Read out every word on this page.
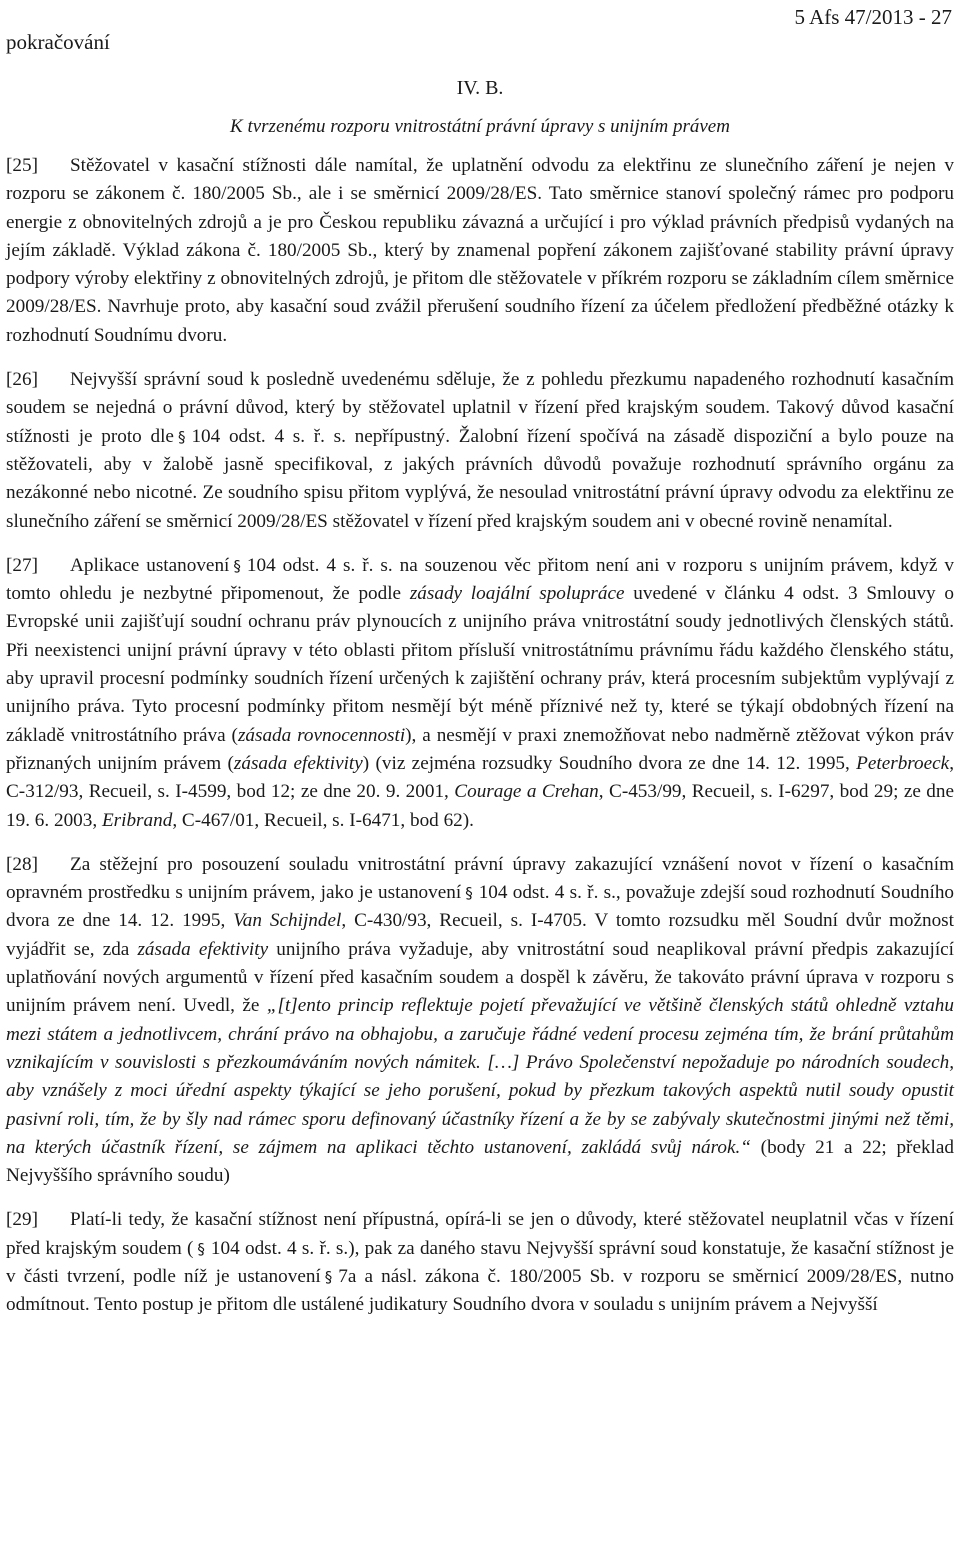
pokračování
5 Afs 47/2013 - 27
IV. B.
K tvrzenému rozporu vnitrostátní právní úpravy s unijním právem

[25] Stěžovatel v kasační stížnosti dále namítal, že uplatnění odvodu za elektřinu ze slunečního záření je nejen v rozporu se zákonem č. 180/2005 Sb., ale i se směrnicí 2009/28/ES. Tato směrnice stanoví společný rámec pro podporu energie z obnovitelných zdrojů a je pro Českou republiku závazná a určující i pro výklad právních předpisů vydaných na jejím základě. Výklad zákona č. 180/2005 Sb., který by znamenal popření zákonem zajišťované stability právní úpravy podpory výroby elektřiny z obnovitelných zdrojů, je přitom dle stěžovatele v příkrém rozporu se základním cílem směrnice 2009/28/ES. Navrhuje proto, aby kasační soud zvážil přerušení soudního řízení za účelem předložení předběžné otázky k rozhodnutí Soudnímu dvoru.

[26] Nejvyšší správní soud k posledně uvedenému sděluje, že z pohledu přezkumu napadeného rozhodnutí kasačním soudem se nejedná o právní důvod, který by stěžovatel uplatnil v řízení před krajským soudem. Takový důvod kasační stížnosti je proto dle § 104 odst. 4 s. ř. s. nepřípustný. Žalobní řízení spočívá na zásadě dispoziční a bylo pouze na stěžovateli, aby v žalobě jasně specifikoval, z jakých právních důvodů považuje rozhodnutí správního orgánu za nezákonné nebo nicotné. Ze soudního spisu přitom vyplývá, že nesoulad vnitrostátní právní úpravy odvodu za elektřinu ze slunečního záření se směrnicí 2009/28/ES stěžovatel v řízení před krajským soudem ani v obecné rovině nenamítal.

[27] Aplikace ustanovení § 104 odst. 4 s. ř. s. na souzenou věc přitom není ani v rozporu s unijním právem, když v tomto ohledu je nezbytné připomenout, že podle zásady loajální spolupráce uvedené v článku 4 odst. 3 Smlouvy o Evropské unii zajišťují soudní ochranu práv plynoucích z unijního práva vnitrostátní soudy jednotlivých členských států. Při neexistenci unijní právní úpravy v této oblasti přitom přísluší vnitrostátnímu právnímu řádu každého členského státu, aby upravil procesní podmínky soudních řízení určených k zajištění ochrany práv, která procesním subjektům vyplývají z unijního práva. Tyto procesní podmínky přitom nesmějí být méně příznivé než ty, které se týkají obdobných řízení na základě vnitrostátního práva (zásada rovnocennosti), a nesmějí v praxi znemožňovat nebo nadměrně ztěžovat výkon práv přiznaných unijním právem (zásada efektivity) (viz zejména rozsudky Soudního dvora ze dne 14. 12. 1995, Peterbroeck, C-312/93, Recueil, s. I-4599, bod 12; ze dne 20. 9. 2001, Courage a Crehan, C-453/99, Recueil, s. I-6297, bod 29; ze dne 19. 6. 2003, Eribrand, C-467/01, Recueil, s. I-6471, bod 62).

[28] Za stěžejní pro posouzení souladu vnitrostátní právní úpravy zakazující vznášení novot v řízení o kasačním opravném prostředku s unijním právem, jako je ustanovení § 104 odst. 4 s. ř. s., považuje zdejší soud rozhodnutí Soudního dvora ze dne 14. 12. 1995, Van Schijndel, C-430/93, Recueil, s. I-4705. V tomto rozsudku měl Soudní dvůr možnost vyjádřit se, zda zásada efektivity unijního práva vyžaduje, aby vnitrostátní soud neaplikoval právní předpis zakazující uplatňování nových argumentů v řízení před kasačním soudem a dospěl k závěru, že takováto právní úprava v rozporu s unijním právem není. Uvedl, že „[t]ento princip reflektuje pojetí převažující ve většině členských států ohledně vztahu mezi státem a jednotlivcem, chrání právo na obhajobu, a zaručuje řádné vedení procesu zejména tím, že brání průtahům vznikajícím v souvislosti s přezkoumáváním nových námitek. […] Právo Společenství nepožaduje po národních soudech, aby vznášely z moci úřední aspekty týkající se jeho porušení, pokud by přezkum takových aspektů nutil soudy opustit pasivní roli, tím, že by šly nad rámec sporu definovaný účastníky řízení a že by se zabývaly skutečnostmi jinými než těmi, na kterých účastník řízení, se zájmem na aplikaci těchto ustanovení, zakládá svůj nárok.“ (body 21 a 22; překlad Nejvyššího správního soudu)

[29] Platí-li tedy, že kasační stížnost není přípustná, opírá-li se jen o důvody, které stěžovatel neuplatnil včas v řízení před krajským soudem ( § 104 odst. 4 s. ř. s.), pak za daného stavu Nejvyšší správní soud konstatuje, že kasační stížnost je v části tvrzení, podle níž je ustanovení § 7a a násl. zákona č. 180/2005 Sb. v rozporu se směrnicí 2009/28/ES, nutno odmítnout. Tento postup je přitom dle ustálené judikatury Soudního dvora v souladu s unijním právem a Nejvyšší
